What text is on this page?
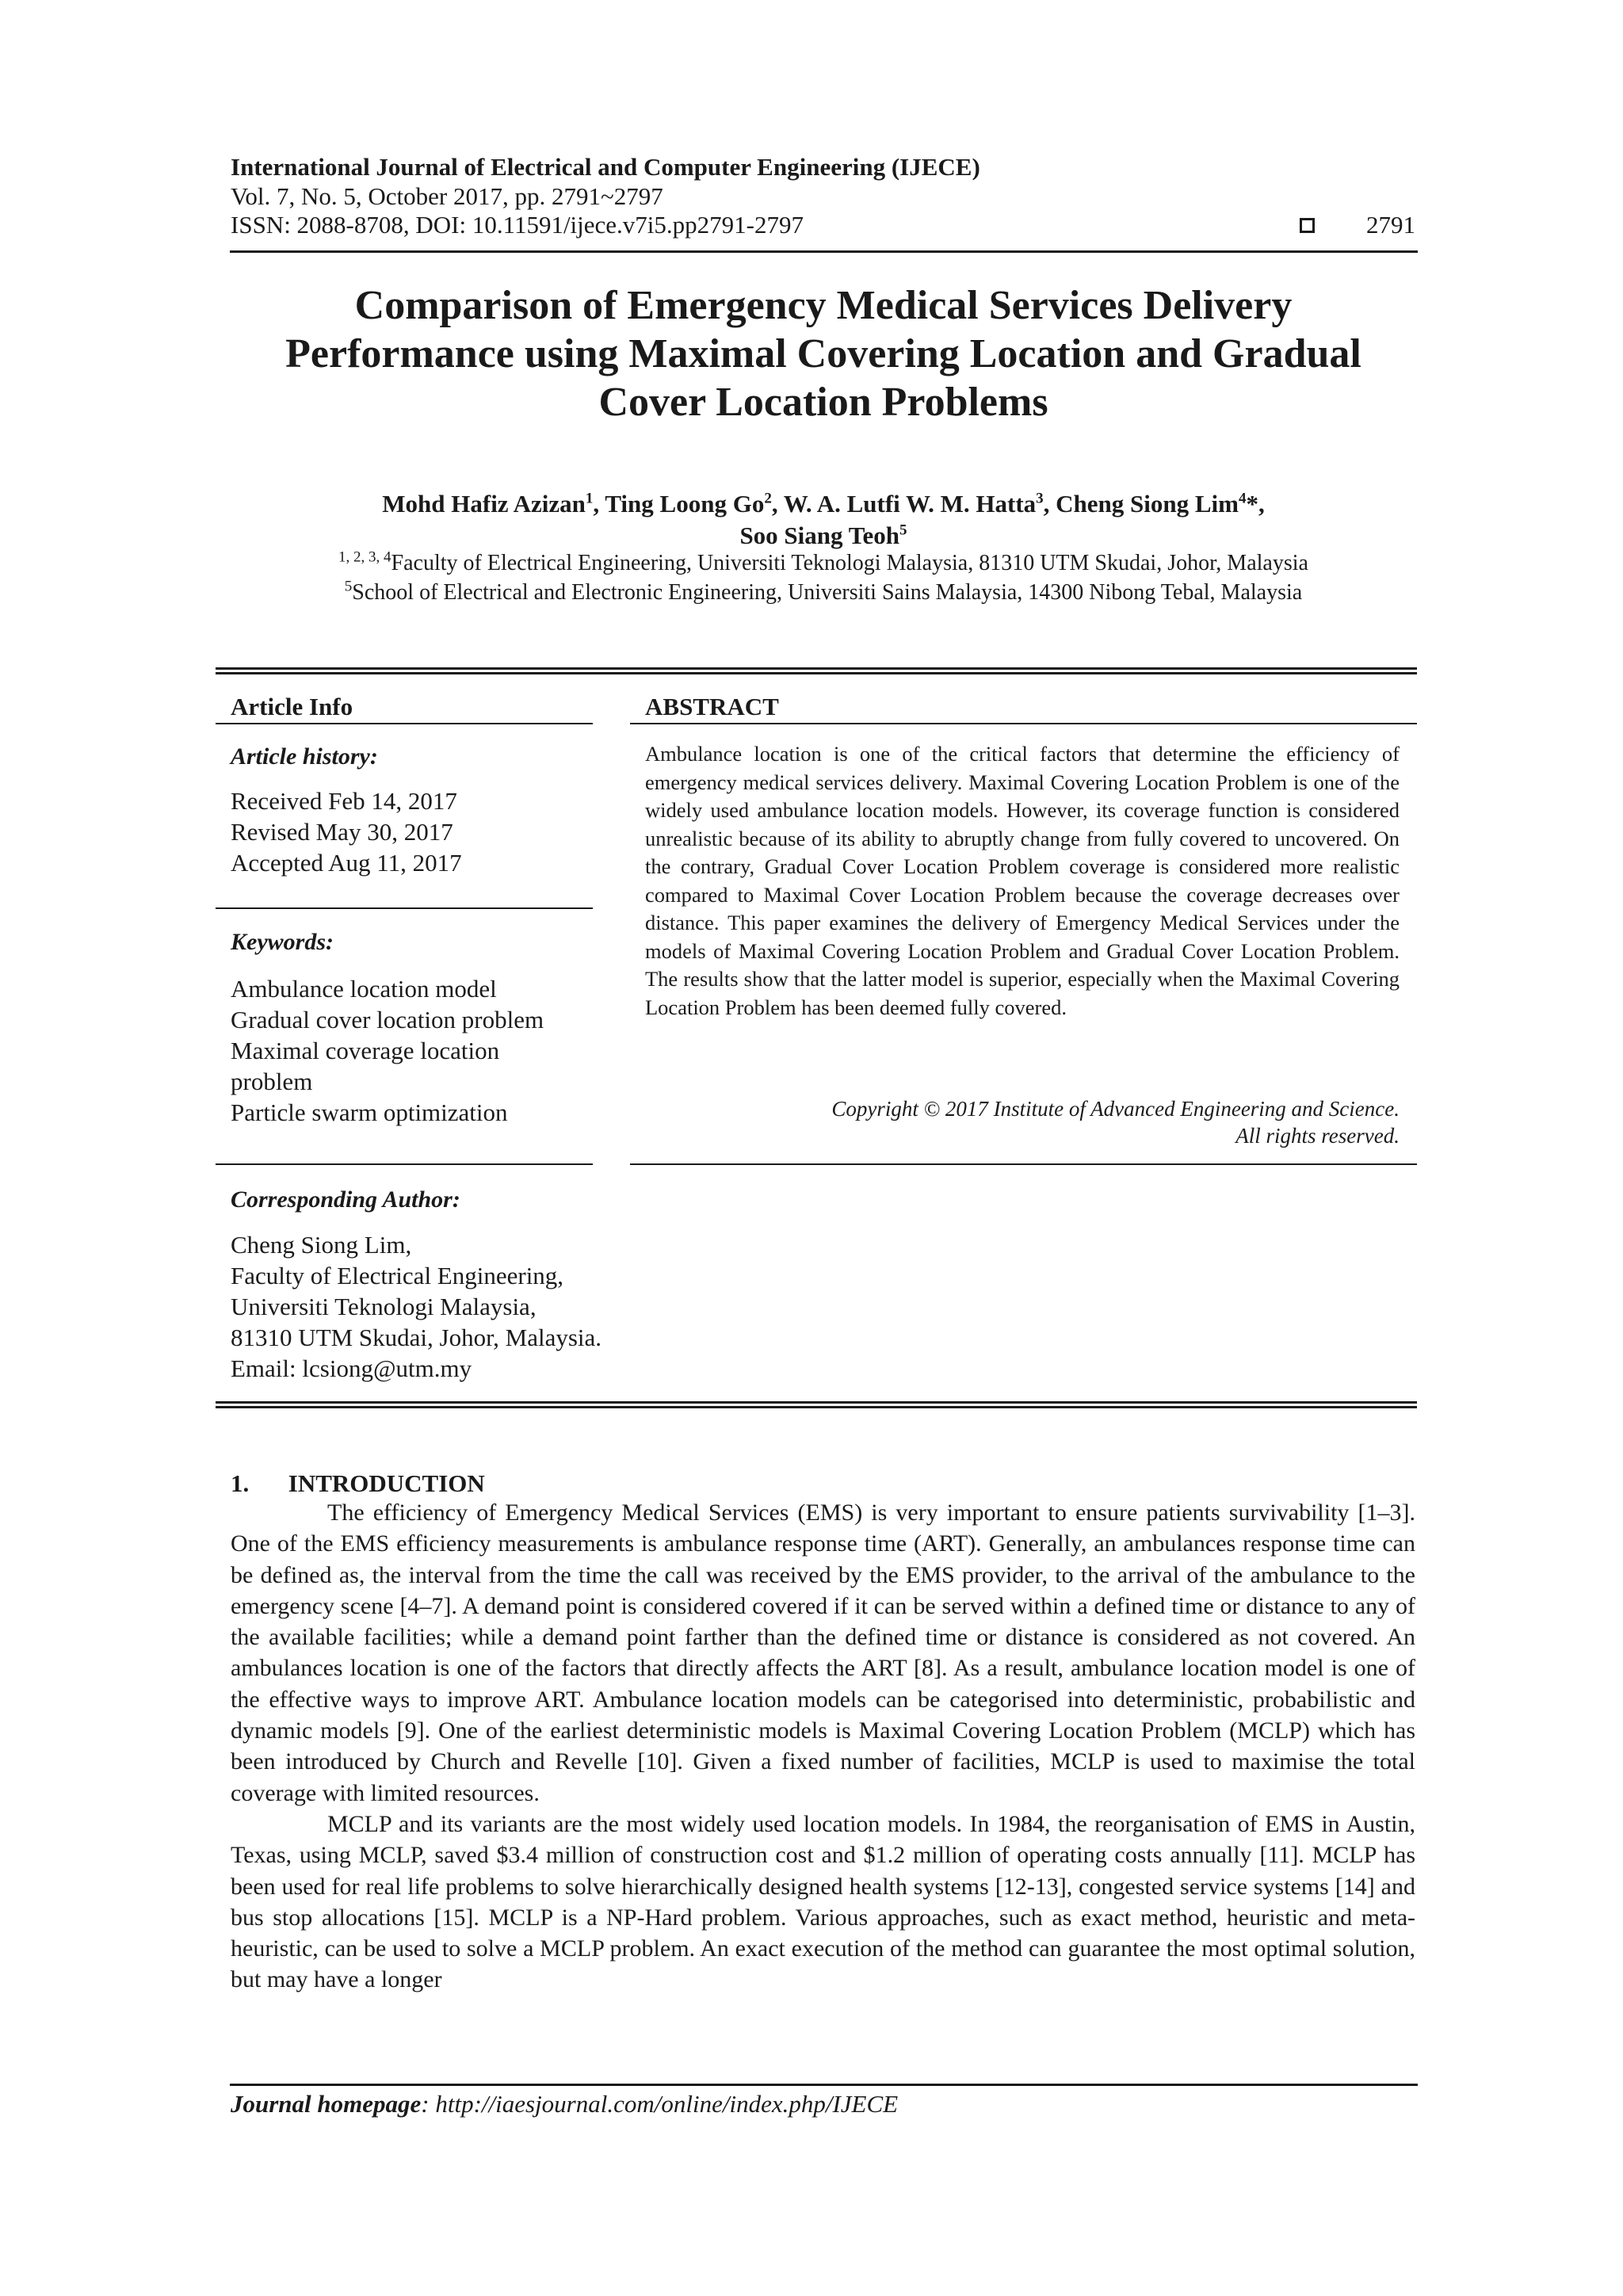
International Journal of Electrical and Computer Engineering (IJECE)
Vol. 7, No. 5, October 2017, pp. 2791~2797
ISSN: 2088-8708, DOI: 10.11591/ijece.v7i5.pp2791-2797	2791
Comparison of Emergency Medical Services Delivery
Performance using Maximal Covering Location and Gradual
Cover Location Problems
Mohd Hafiz Azizan$^1$, Ting Loong Go$^2$, W. A. Lutfi W. M. Hatta$^3$, Cheng Siong Lim$^4$*,
Soo Siang Teoh$^5$
$^{1, 2, 3, 4}$Faculty of Electrical Engineering, Universiti Teknologi Malaysia, 81310 UTM Skudai, Johor, Malaysia
$^5$School of Electrical and Electronic Engineering, Universiti Sains Malaysia, 14300 Nibong Tebal, Malaysia
Article Info
Article history:
Received Feb 14, 2017
Revised May 30, 2017
Accepted Aug 11, 2017
Keywords:
Ambulance location model
Gradual cover location problem
Maximal coverage location
problem
Particle swarm optimization
Corresponding Author:
Cheng Siong Lim,
Faculty of Electrical Engineering,
Universiti Teknologi Malaysia,
81310 UTM Skudai, Johor, Malaysia.
Email: lcsiong@utm.my
ABSTRACT
Ambulance location is one of the critical factors that determine the efficiency of emergency medical services delivery. Maximal Covering Location Problem is one of the widely used ambulance location models. However, its coverage function is considered unrealistic because of its ability to abruptly change from fully covered to uncovered. On the contrary, Gradual Cover Location Problem coverage is considered more realistic compared to Maximal Cover Location Problem because the coverage decreases over distance. This paper examines the delivery of Emergency Medical Services under the models of Maximal Covering Location Problem and Gradual Cover Location Problem. The results show that the latter model is superior, especially when the Maximal Covering Location Problem has been deemed fully covered.
Copyright © 2017 Institute of Advanced Engineering and Science.
All rights reserved.
1. INTRODUCTION

The efficiency of Emergency Medical Services (EMS) is very important to ensure patients survivability [1–3]. One of the EMS efficiency measurements is ambulance response time (ART). Generally, an ambulances response time can be defined as, the interval from the time the call was received by the EMS provider, to the arrival of the ambulance to the emergency scene [4–7]. A demand point is considered covered if it can be served within a defined time or distance to any of the available facilities; while a demand point farther than the defined time or distance is considered as not covered. An ambulances location is one of the factors that directly affects the ART [8]. As a result, ambulance location model is one of the effective ways to improve ART. Ambulance location models can be categorised into deterministic, probabilistic and dynamic models [9]. One of the earliest deterministic models is Maximal Covering Location Problem (MCLP) which has been introduced by Church and Revelle [10]. Given a fixed number of facilities, MCLP is used to maximise the total coverage with limited resources.

MCLP and its variants are the most widely used location models. In 1984, the reorganisation of EMS in Austin, Texas, using MCLP, saved $3.4 million of construction cost and $1.2 million of operating costs annually [11]. MCLP has been used for real life problems to solve hierarchically designed health systems [12-13], congested service systems [14] and bus stop allocations [15]. MCLP is a NP-Hard problem. Various approaches, such as exact method, heuristic and meta-heuristic, can be used to solve a MCLP problem. An exact execution of the method can guarantee the most optimal solution, but may have a longer

Journal homepage: http://iaesjournal.com/online/index.php/IJECE
